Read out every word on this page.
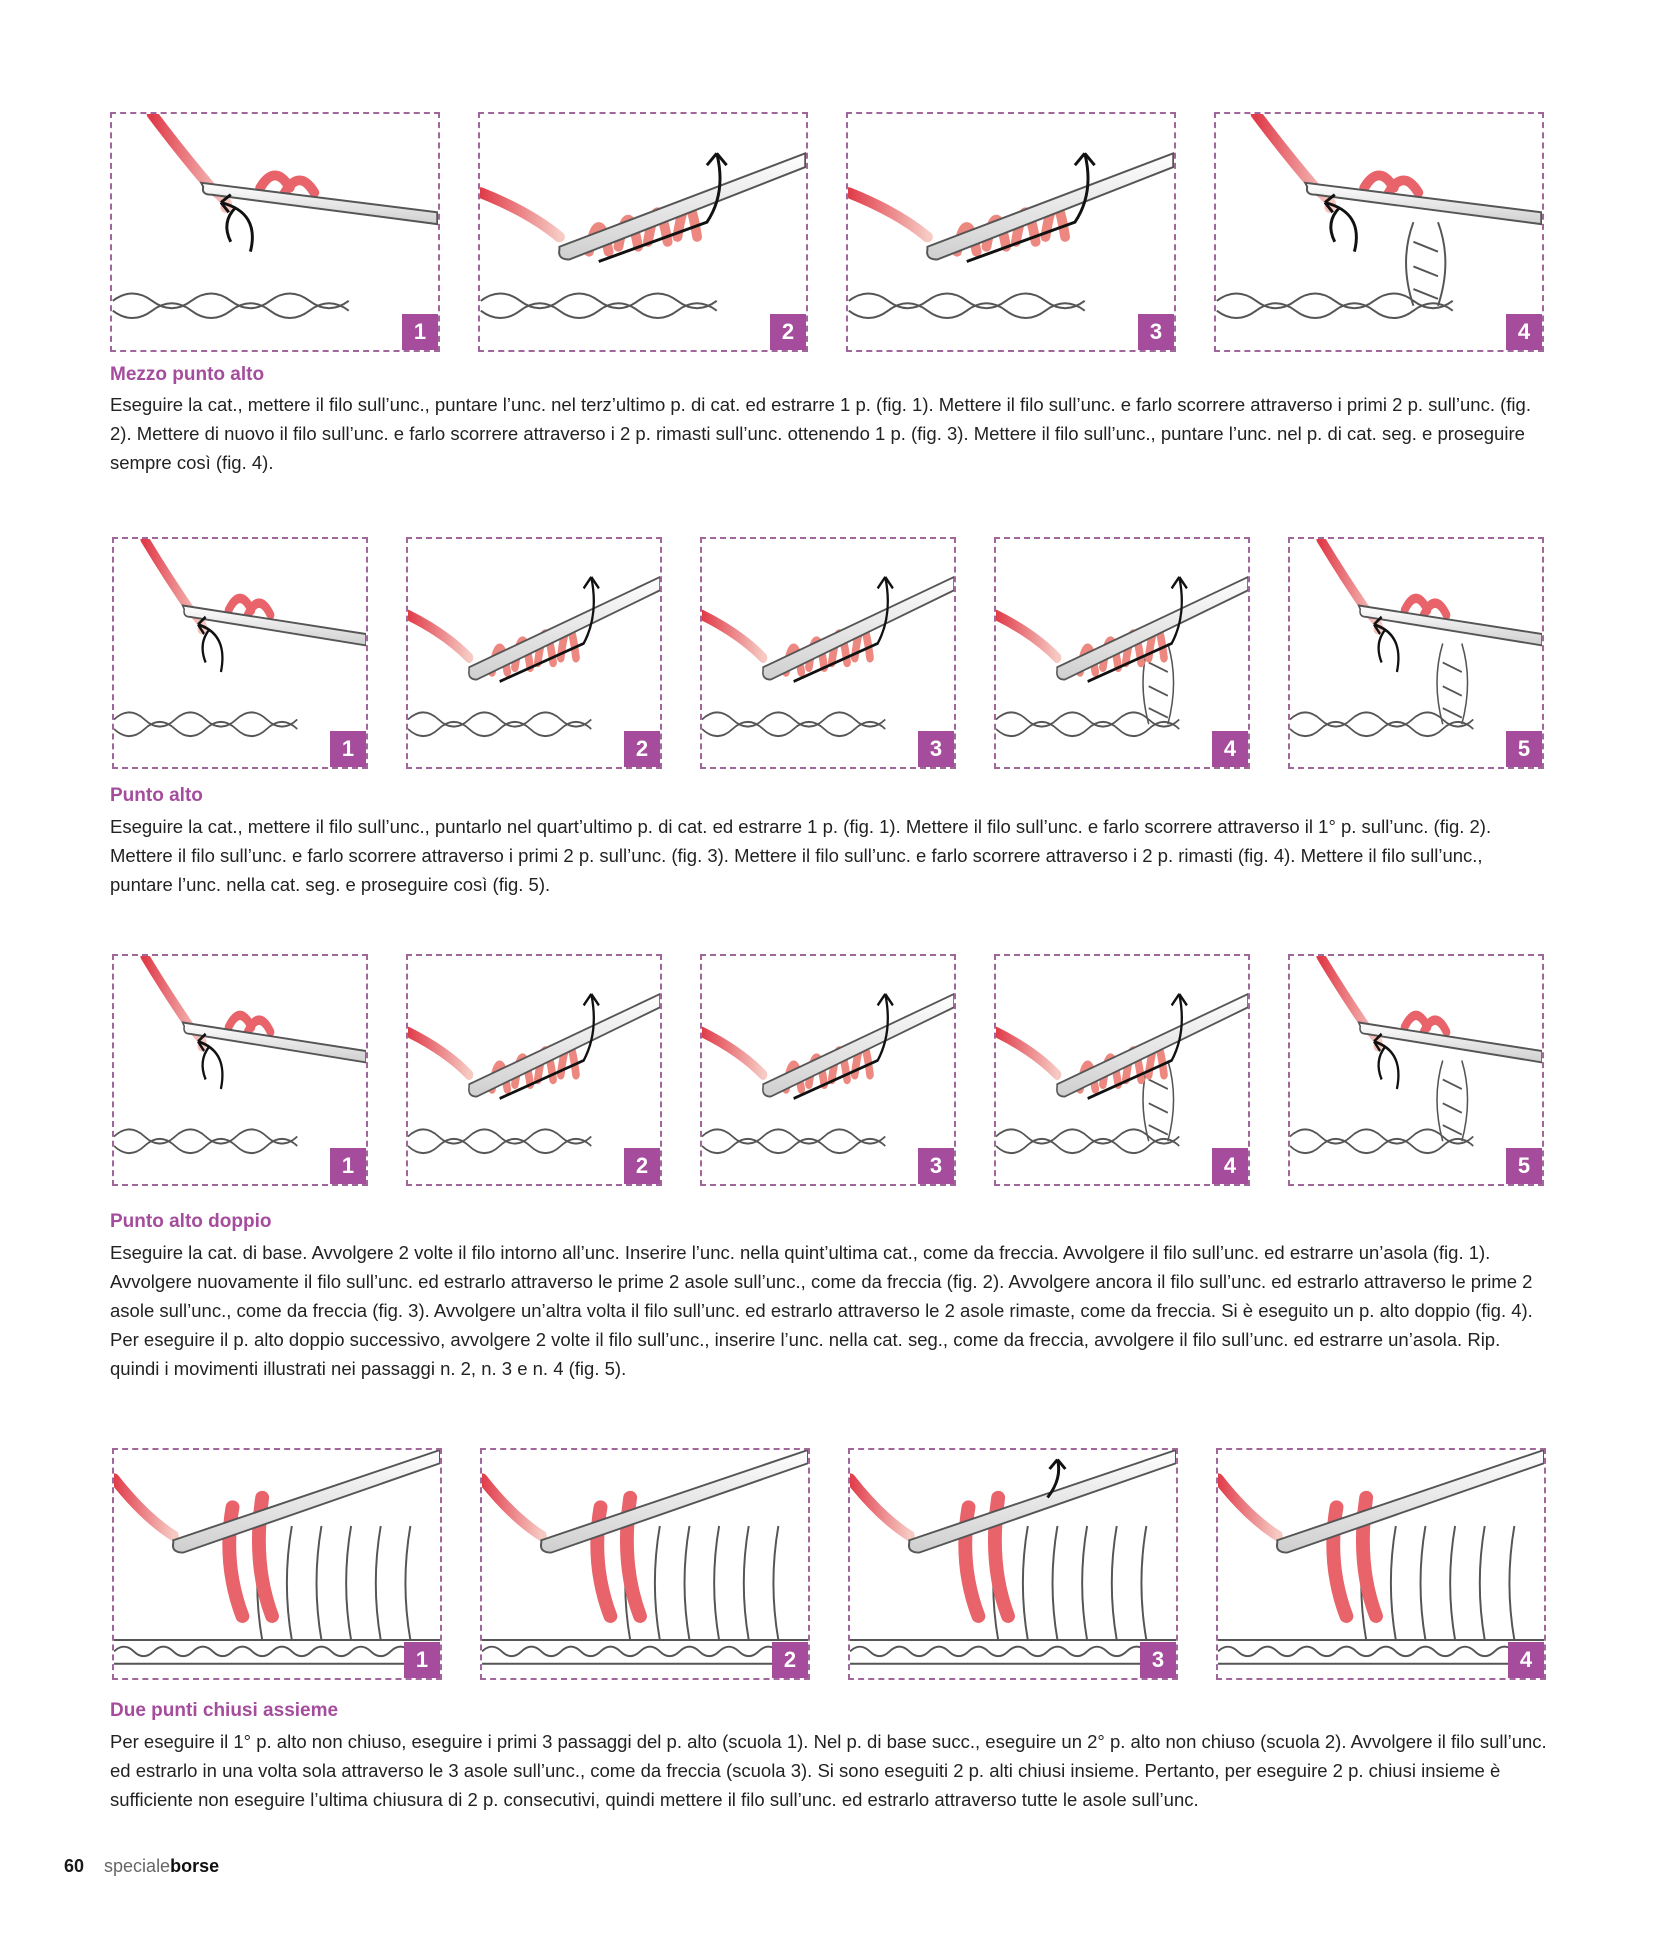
1	2	3	4
Mezzo punto alto
Eseguire la cat., mettere il filo sull’unc., puntare l’unc. nel terz’ultimo p. di cat. ed estrarre 1 p. (fig. 1). Mettere il filo sull’unc. e farlo scorrere attraverso i primi 2 p. sull’unc. (fig. 2). Mettere di nuovo il filo sull’unc. e farlo scorrere attraverso i 2 p. rimasti sull’unc. ottenendo 1 p. (fig. 3). Mettere il filo sull’unc., puntare l’unc. nel p. di cat. seg. e proseguire sempre così (fig. 4).
1	2	3	4	5
Punto alto
Eseguire la cat., mettere il filo sull’unc., puntarlo nel quart’ultimo p. di cat. ed estrarre 1 p. (fig. 1). Mettere il filo sull’unc. e farlo scorrere attraverso il 1° p. sull’unc. (fig. 2). Mettere il filo sull’unc. e farlo scorrere attraverso i primi 2 p. sull’unc. (fig. 3). Mettere il filo sull’unc. e farlo scorrere attraverso i 2 p. rimasti (fig. 4). Mettere il filo sull’unc., puntare l’unc. nella cat. seg. e proseguire così (fig. 5).
1	2	3	4	5
Punto alto doppio
Eseguire la cat. di base. Avvolgere 2 volte il filo intorno all’unc. Inserire l’unc. nella quint’ultima cat., come da freccia. Avvolgere il filo sull’unc. ed estrarre un’asola (fig. 1). Avvolgere nuovamente il filo sull’unc. ed estrarlo attraverso le prime 2 asole sull’unc., come da freccia (fig. 2). Avvolgere ancora il filo sull’unc. ed estrarlo attraverso le prime 2 asole sull’unc., come da freccia (fig. 3). Avvolgere un’altra volta il filo sull’unc. ed estrarlo attraverso le 2 asole rimaste, come da freccia. Si è eseguito un p. alto doppio (fig. 4). Per eseguire il p. alto doppio successivo, avvolgere 2 volte il filo sull’unc., inserire l’unc. nella cat. seg., come da freccia, avvolgere il filo sull’unc. ed estrarre un’asola. Rip. quindi i movimenti illustrati nei passaggi n. 2, n. 3 e n. 4 (fig. 5).
1	2	3	4
Due punti chiusi assieme
Per eseguire il 1° p. alto non chiuso, eseguire i primi 3 passaggi del p. alto (scuola 1). Nel p. di base succ., eseguire un 2° p. alto non chiuso (scuola 2). Avvolgere il filo sull’unc. ed estrarlo in una volta sola attraverso le 3 asole sull’unc., come da freccia (scuola 3). Si sono eseguiti 2 p. alti chiusi insieme. Pertanto, per eseguire 2 p. chiusi insieme è sufficiente non eseguire l’ultima chiusura di 2 p. consecutivi, quindi mettere il filo sull’unc. ed estrarlo attraverso tutte le asole sull’unc.
60 specialeborse
